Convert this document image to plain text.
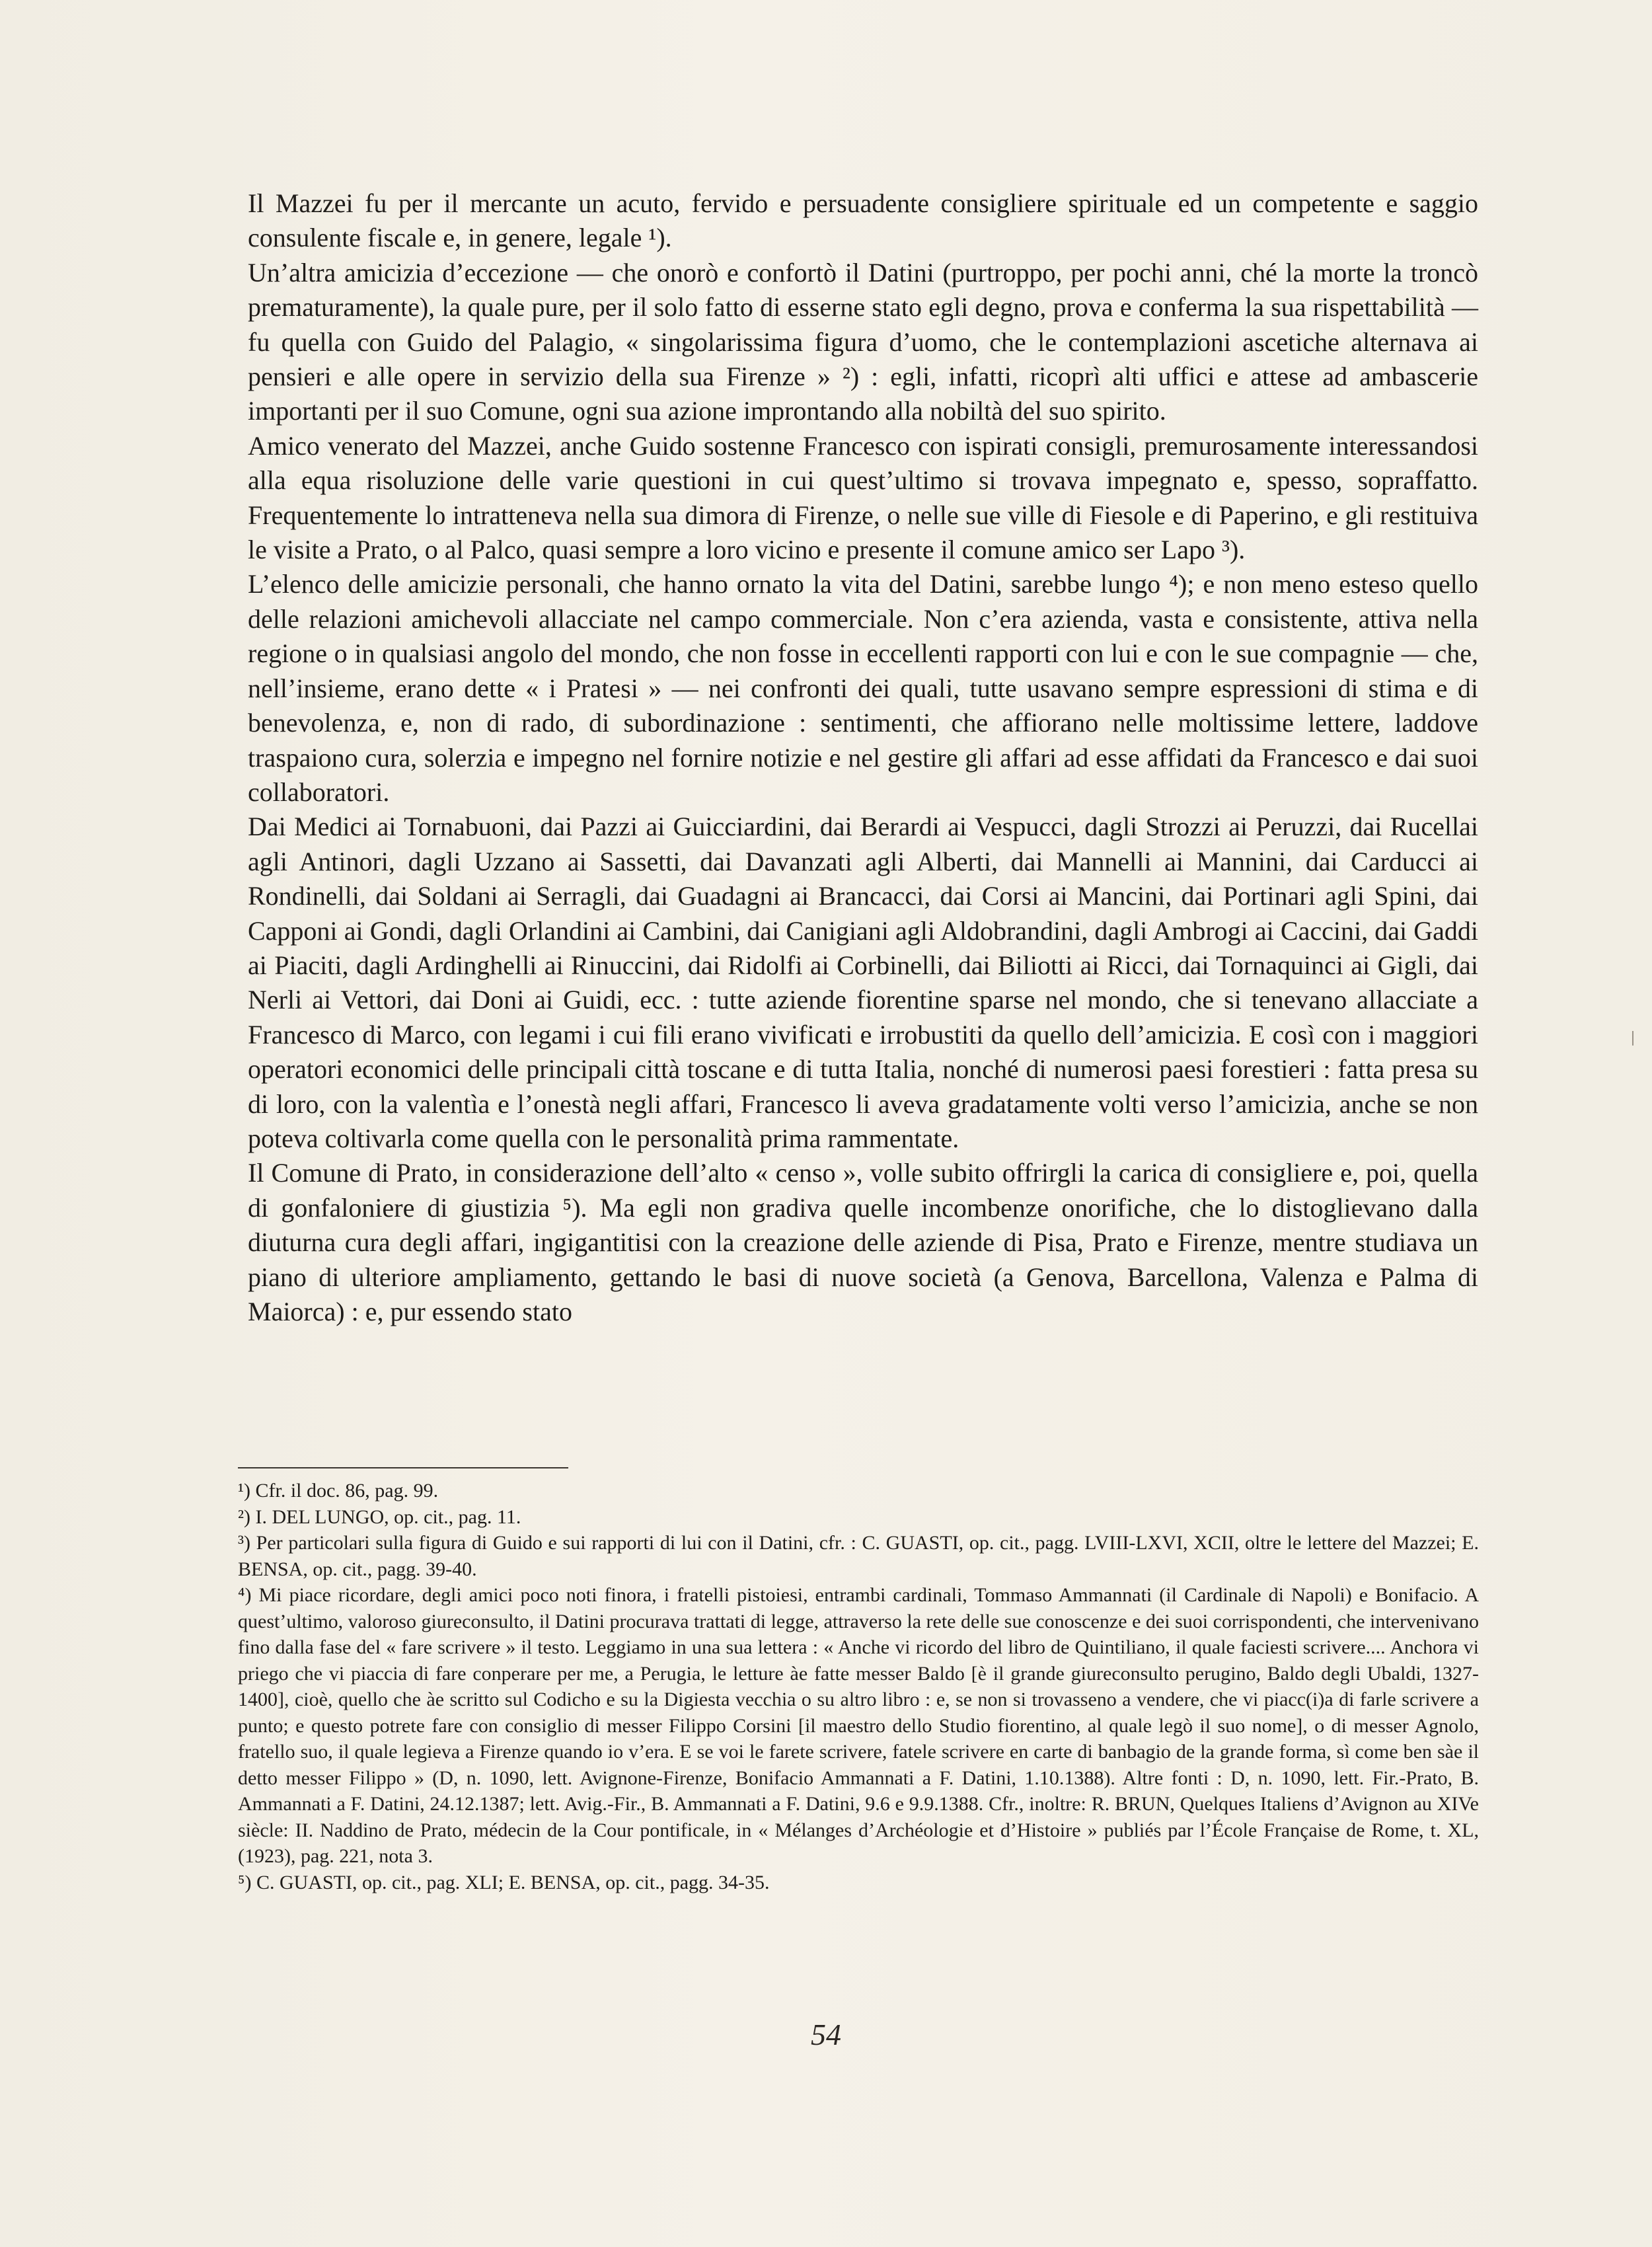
Il Mazzei fu per il mercante un acuto, fervido e persuadente consigliere spirituale ed un competente e saggio consulente fiscale e, in genere, legale ¹).

Un’altra amicizia d’eccezione — che onorò e confortò il Datini (purtroppo, per pochi anni, ché la morte la troncò prematuramente), la quale pure, per il solo fatto di esserne stato egli degno, prova e conferma la sua rispettabilità — fu quella con Guido del Palagio, « singolarissima figura d’uomo, che le contemplazioni ascetiche alternava ai pensieri e alle opere in servizio della sua Firenze » ²) : egli, infatti, ricoprì alti uffici e attese ad ambascerie importanti per il suo Comune, ogni sua azione improntando alla nobiltà del suo spirito.

Amico venerato del Mazzei, anche Guido sostenne Francesco con ispirati consigli, premurosamente interessandosi alla equa risoluzione delle varie questioni in cui quest’ultimo si trovava impegnato e, spesso, sopraffatto. Frequentemente lo intratteneva nella sua dimora di Firenze, o nelle sue ville di Fiesole e di Paperino, e gli restituiva le visite a Prato, o al Palco, quasi sempre a loro vicino e presente il comune amico ser Lapo ³).

L’elenco delle amicizie personali, che hanno ornato la vita del Datini, sarebbe lungo ⁴); e non meno esteso quello delle relazioni amichevoli allacciate nel campo commerciale. Non c’era azienda, vasta e consistente, attiva nella regione o in qualsiasi angolo del mondo, che non fosse in eccellenti rapporti con lui e con le sue compagnie — che, nell’insieme, erano dette « i Pratesi » — nei confronti dei quali, tutte usavano sempre espressioni di stima e di benevolenza, e, non di rado, di subordinazione : sentimenti, che affiorano nelle moltissime lettere, laddove traspaiono cura, solerzia e impegno nel fornire notizie e nel gestire gli affari ad esse affidati da Francesco e dai suoi collaboratori.

Dai Medici ai Tornabuoni, dai Pazzi ai Guicciardini, dai Berardi ai Vespucci, dagli Strozzi ai Peruzzi, dai Rucellai agli Antinori, dagli Uzzano ai Sassetti, dai Davanzati agli Alberti, dai Mannelli ai Mannini, dai Carducci ai Rondinelli, dai Soldani ai Serragli, dai Guadagni ai Brancacci, dai Corsi ai Mancini, dai Portinari agli Spini, dai Capponi ai Gondi, dagli Orlandini ai Cambini, dai Canigiani agli Aldobrandini, dagli Ambrogi ai Caccini, dai Gaddi ai Piaciti, dagli Ardinghelli ai Rinuccini, dai Ridolfi ai Corbinelli, dai Biliotti ai Ricci, dai Tornaquinci ai Gigli, dai Nerli ai Vettori, dai Doni ai Guidi, ecc. : tutte aziende fiorentine sparse nel mondo, che si tenevano allacciate a Francesco di Marco, con legami i cui fili erano vivificati e irrobustiti da quello dell’amicizia. E così con i maggiori operatori economici delle principali città toscane e di tutta Italia, nonché di numerosi paesi forestieri : fatta presa su di loro, con la valentìa e l’onestà negli affari, Francesco li aveva gradatamente volti verso l’amicizia, anche se non poteva coltivarla come quella con le personalità prima rammentate.

Il Comune di Prato, in considerazione dell’alto « censo », volle subito offrirgli la carica di consigliere e, poi, quella di gonfaloniere di giustizia ⁵). Ma egli non gradiva quelle incombenze onorifiche, che lo distoglievano dalla diuturna cura degli affari, ingigantitisi con la creazione delle aziende di Pisa, Prato e Firenze, mentre studiava un piano di ulteriore ampliamento, gettando le basi di nuove società (a Genova, Barcellona, Valenza e Palma di Maiorca) : e, pur essendo stato

¹) Cfr. il doc. 86, pag. 99.

²) I. DEL LUNGO, op. cit., pag. 11.

³) Per particolari sulla figura di Guido e sui rapporti di lui con il Datini, cfr. : C. GUASTI, op. cit., pagg. LVIII-LXVI, XCII, oltre le lettere del Mazzei; E. BENSA, op. cit., pagg. 39-40.

⁴) Mi piace ricordare, degli amici poco noti finora, i fratelli pistoiesi, entrambi cardinali, Tommaso Ammannati (il Cardinale di Napoli) e Bonifacio. A quest’ultimo, valoroso giureconsulto, il Datini procurava trattati di legge, attraverso la rete delle sue conoscenze e dei suoi corrispondenti, che intervenivano fino dalla fase del « fare scrivere » il testo. Leggiamo in una sua lettera : « Anche vi ricordo del libro de Quintiliano, il quale faciesti scrivere.... Anchora vi priego che vi piaccia di fare conperare per me, a Perugia, le letture àe fatte messer Baldo [è il grande giureconsulto perugino, Baldo degli Ubaldi, 1327-1400], cioè, quello che àe scritto sul Codicho e su la Digiesta vecchia o su altro libro : e, se non si trovasseno a vendere, che vi piacc(i)a di farle scrivere a punto; e questo potrete fare con consiglio di messer Filippo Corsini [il maestro dello Studio fiorentino, al quale legò il suo nome], o di messer Agnolo, fratello suo, il quale legieva a Firenze quando io v’era. E se voi le farete scrivere, fatele scrivere en carte di banbagio de la grande forma, sì come ben sàe il detto messer Filippo » (D, n. 1090, lett. Avignone-Firenze, Bonifacio Ammannati a F. Datini, 1.10.1388). Altre fonti : D, n. 1090, lett. Fir.-Prato, B. Ammannati a F. Datini, 24.12.1387; lett. Avig.-Fir., B. Ammannati a F. Datini, 9.6 e 9.9.1388. Cfr., inoltre: R. BRUN, Quelques Italiens d’Avignon au XIVe siècle: II. Naddino de Prato, médecin de la Cour pontificale, in « Mélanges d’Archéologie et d’Histoire » publiés par l’École Française de Rome, t. XL, (1923), pag. 221, nota 3.

⁵) C. GUASTI, op. cit., pag. XLI; E. BENSA, op. cit., pagg. 34-35.

54
